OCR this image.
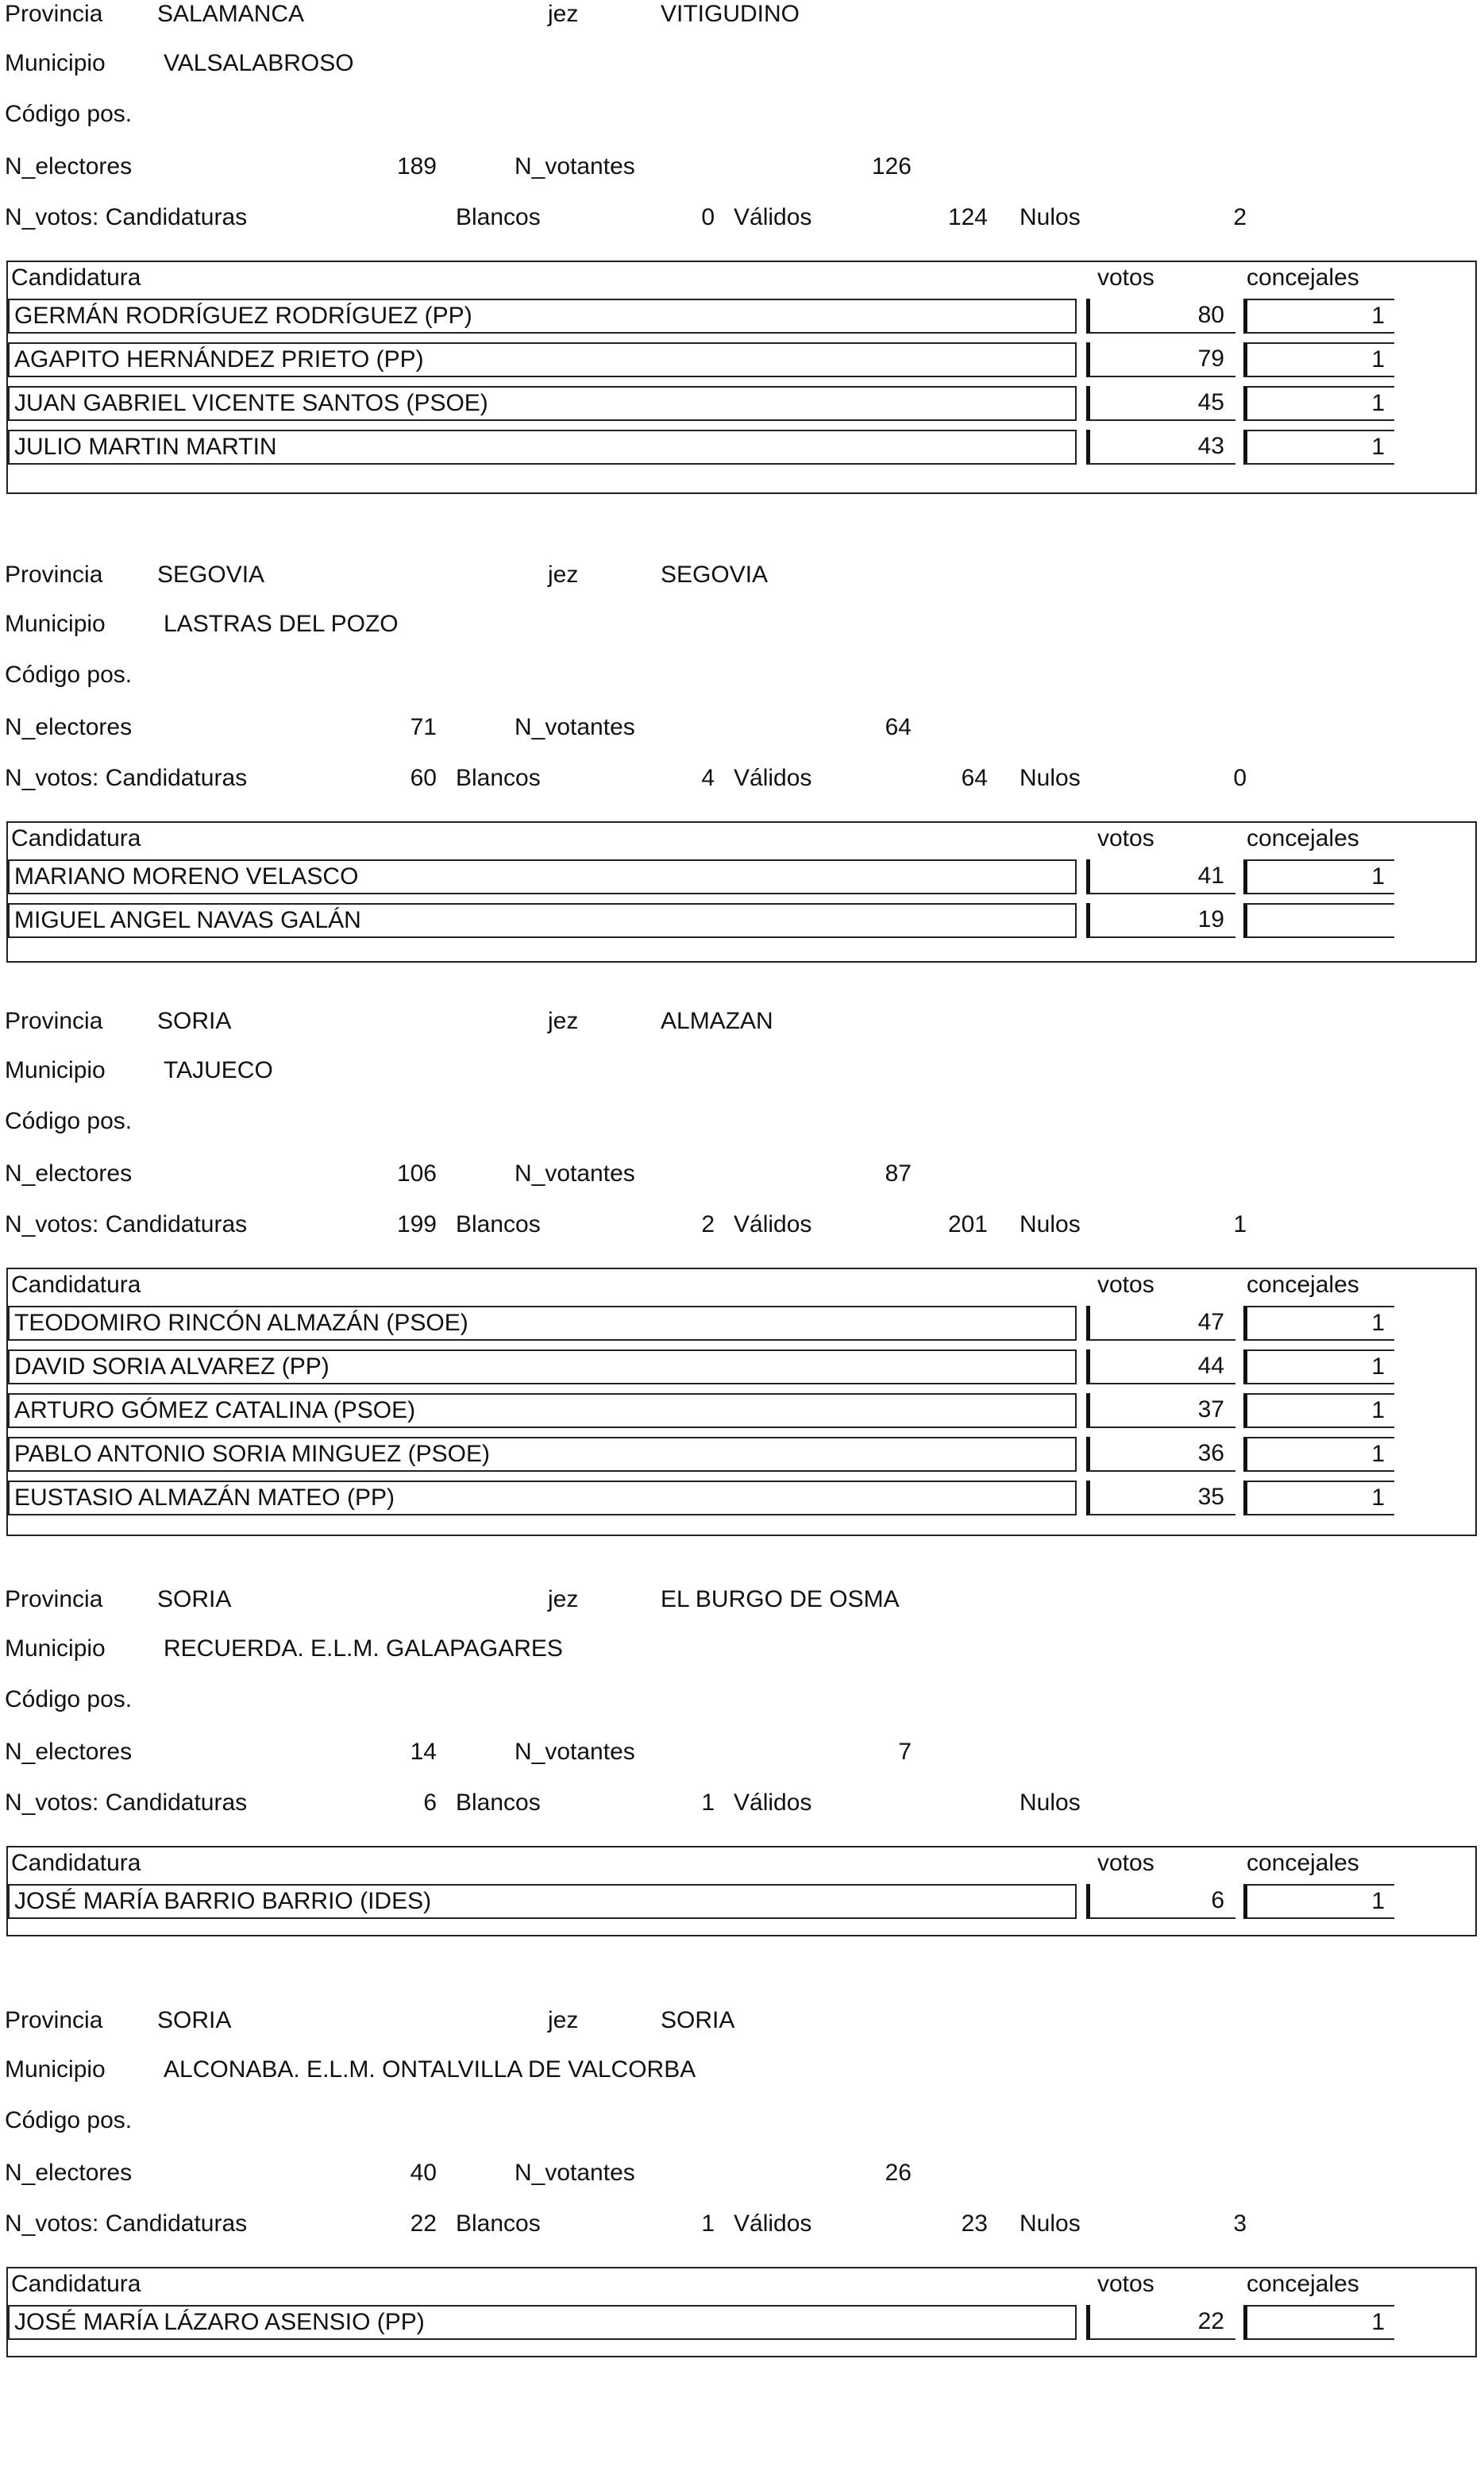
Provincia SALAMANCA	jez	VITIGUDINO
Municipio VALSALABROSO
Código pos.
N_electores	189	N_votantes	126
N_votos: Candidaturas	Blancos	0 Válidos	124 Nulos	2
Candidatura	votos	concejales
GERMÁN RODRÍGUEZ RODRÍGUEZ (PP)	80	1
AGAPITO HERNÁNDEZ PRIETO (PP)	79	1
JUAN GABRIEL VICENTE SANTOS (PSOE)	45	1
JULIO MARTIN MARTIN	43	1
Provincia SEGOVIA	jez	SEGOVIA
Municipio LASTRAS DEL POZO
Código pos.
N_electores	71	N_votantes	64
N_votos: Candidaturas	60 Blancos	4 Válidos	64 Nulos	0
Candidatura	votos	concejales
MARIANO MORENO VELASCO	41	1
MIGUEL ANGEL NAVAS GALÁN	19
Provincia SORIA	jez	ALMAZAN
Municipio TAJUECO
Código pos.
N_electores	106	N_votantes	87
N_votos: Candidaturas	199 Blancos	2 Válidos	201 Nulos	1
Candidatura	votos	concejales
TEODOMIRO RINCÓN ALMAZÁN (PSOE)	47	1
DAVID SORIA ALVAREZ (PP)	44	1
ARTURO GÓMEZ CATALINA (PSOE)	37	1
PABLO ANTONIO SORIA MINGUEZ (PSOE)	36	1
EUSTASIO ALMAZÁN MATEO (PP)	35	1
Provincia SORIA	jez	EL BURGO DE OSMA
Municipio RECUERDA. E.L.M. GALAPAGARES
Código pos.
N_electores	14	N_votantes	7
N_votos: Candidaturas	6 Blancos	1 Válidos	Nulos
Candidatura	votos	concejales
JOSÉ MARÍA BARRIO BARRIO (IDES)	6	1
Provincia SORIA	jez	SORIA
Municipio ALCONABA. E.L.M. ONTALVILLA DE VALCORBA
Código pos.
N_electores	40	N_votantes	26
N_votos: Candidaturas	22 Blancos	1 Válidos	23 Nulos	3
Candidatura	votos	concejales
JOSÉ MARÍA LÁZARO ASENSIO (PP)	22	1
